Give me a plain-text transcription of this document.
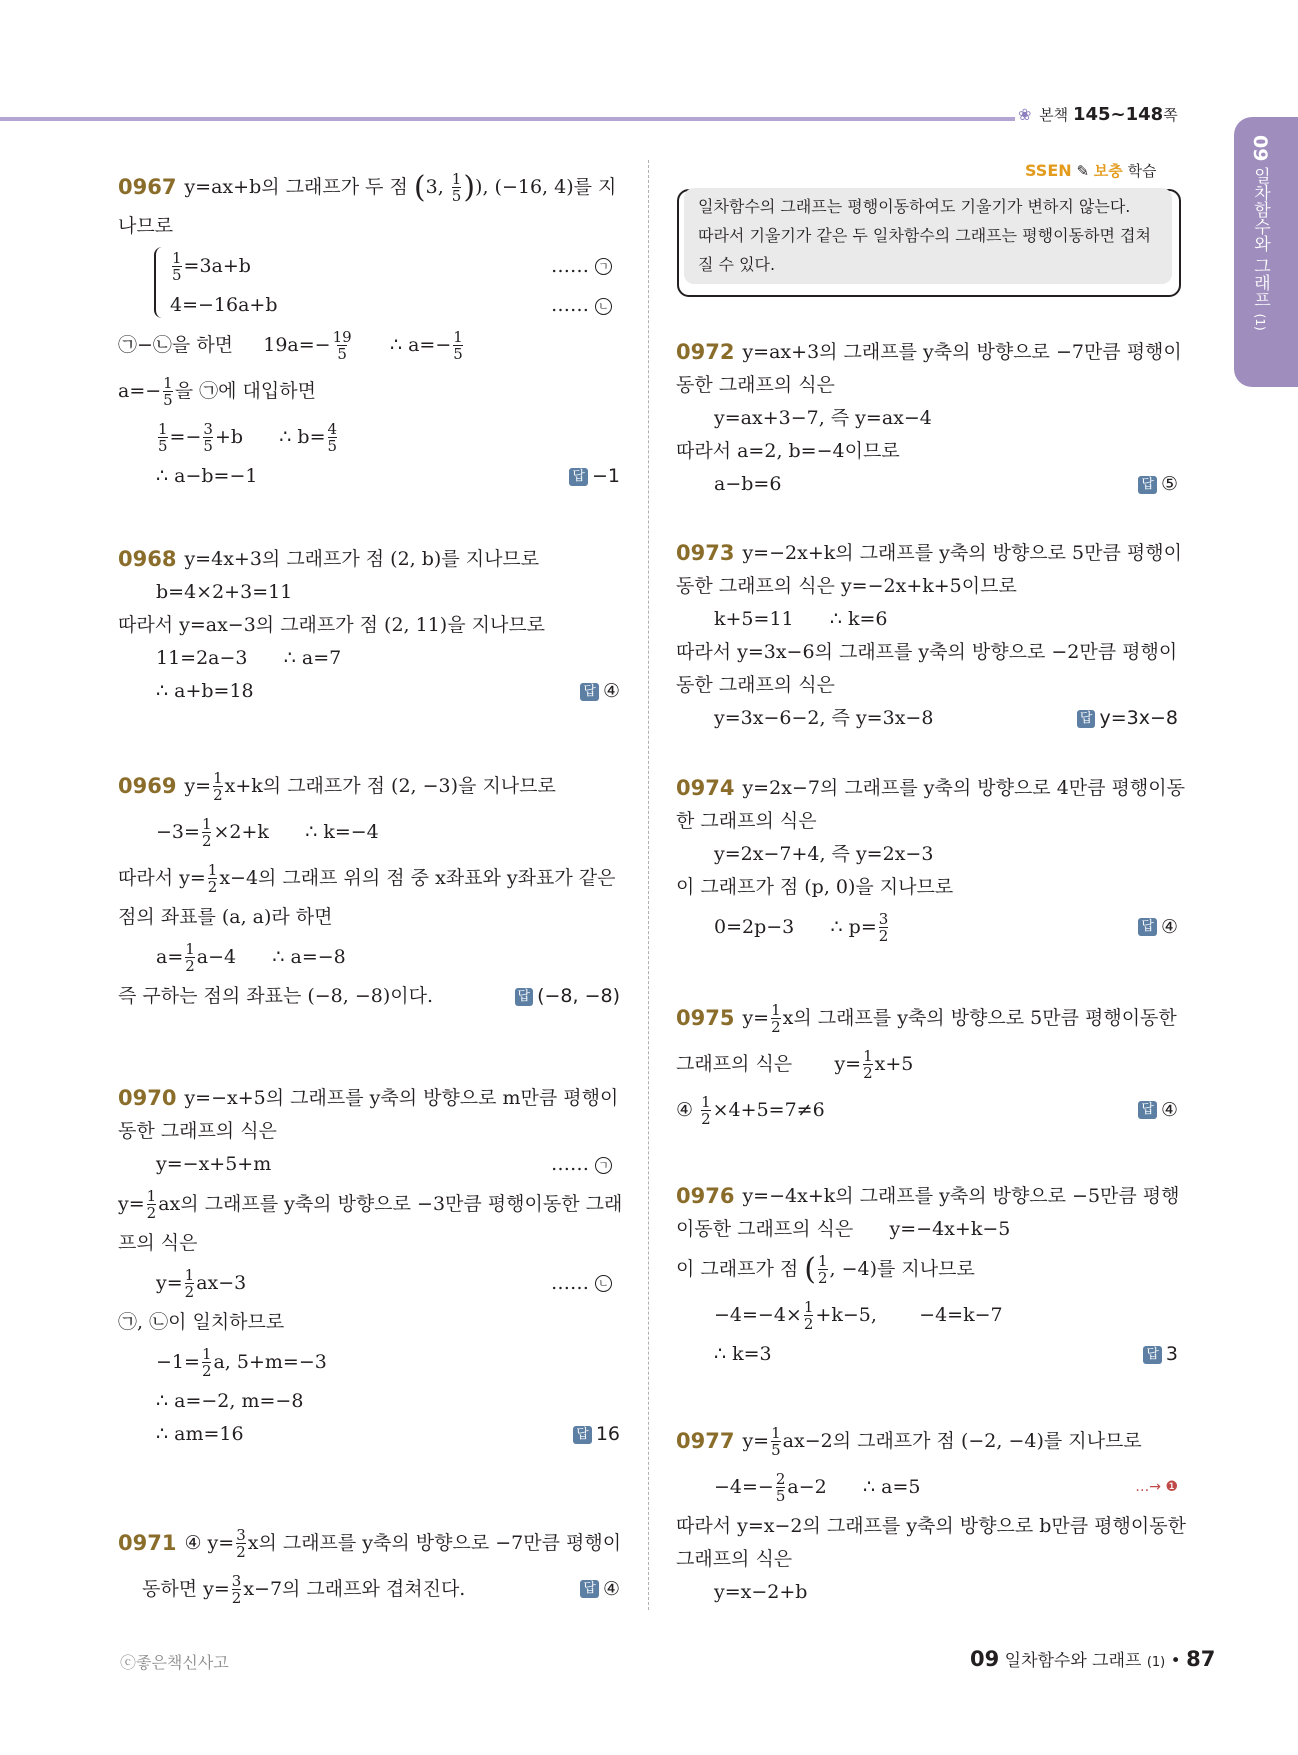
❀ 본책 145~148쪽
09 일차함수와 그래프 (1)
0967 y=ax+b의 그래프가 두 점
( 3, 1
5 ) ), (−16, 4)를 지
나므로
$\frac{1}{5} =3a+b$	…… ㄱ
4=−16a+b	…… ㄴ
㉠−㉡을 하면
$19a=- \frac{19}{5}$
∴ $a=- \frac{1}{5}$
$a=- \frac{1}{5}$ 을 ㉠에 대입하면
$\frac{1}{5} =- \frac{3}{5} +b$
∴ $b= \frac{4}{5}$
∴ a−b=−1	답 −1
0968 y=4x+3의 그래프가 점 (2, b)를 지나므로
b=4×2+3=11
따라서 y=ax−3의 그래프가 점 (2, 11)을 지나므로
11=2a−3
∴ a=7
∴ a+b=18	답 ④
0969 $y= \frac{1}{2} x+k$의 그래프가 점 (2, −3)을 지나므로
$-3= \frac{1}{2} \times 2+k$
∴ k=−4
따라서 $y= \frac{1}{2} x-4$의 그래프 위의 점 중 x좌표와 y좌표가 같은
점의 좌표를 (a, a)라 하면
$a= \frac{1}{2} a-4$
∴ a=−8
즉 구하는 점의 좌표는 (−8, −8)이다.	답 (−8, −8)
0970 y=−x+5의 그래프를 y축의 방향으로 m만큼 평행이
동한 그래프의 식은
y=−x+5+m	…… ㄱ
$y= \frac{1}{2}$ ax의 그래프를 y축의 방향으로 −3만큼 평행이동한 그래
프의 식은
$y= \frac{1}{2} ax-3$	…… ㄴ
㉠, ㉡이 일치하므로
$-1= \frac{1}{2} a$, 5+m=−3
∴ a=−2, m=−8
∴ am=16	답 16
0971 ④ $y= \frac{3}{2}$ x의 그래프를 y축의 방향으로 −7만큼 평행이
동하면 $y= \frac{3}{2} x-7$의 그래프와 겹쳐진다.	답 ④
SSEN ✎ 보충 학습
일차함수의 그래프는 평행이동하여도 기울기가 변하지 않는다.
따라서 기울기가 같은 두 일차함수의 그래프는 평행이동하면 겹쳐
질 수 있다.
0972 y=ax+3의 그래프를 y축의 방향으로 −7만큼 평행이
동한 그래프의 식은
y=ax+3−7, 즉 y=ax−4
따라서 a=2, b=−4이므로
a−b=6	답 ⑤
0973 y=−2x+k의 그래프를 y축의 방향으로 5만큼 평행이
동한 그래프의 식은 y=−2x+k+5이므로
k+5=11
∴ k=6
따라서 y=3x−6의 그래프를 y축의 방향으로 −2만큼 평행이
동한 그래프의 식은
y=3x−6−2, 즉 y=3x−8	답 y=3x−8
0974 y=2x−7의 그래프를 y축의 방향으로 4만큼 평행이동
한 그래프의 식은
y=2x−7+4, 즉 y=2x−3
이 그래프가 점 (p, 0)을 지나므로
0=2p−3
∴ $p= \frac{3}{2}$	답 ④
0975 $y= \frac{1}{2}$ x의 그래프를 y축의 방향으로 5만큼 평행이동한
그래프의 식은
$y= \frac{1}{2} x+5$
④
$\frac{1}{2} \times 4+5=7\ne 6$	답 ④
0976 y=−4x+k의 그래프를 y축의 방향으로 −5만큼 평행
이동한 그래프의 식은
y=−4x+k−5
이 그래프가 점
( 1
2 , −4)를 지나므로
$-4=-4\times \frac{1}{2} +k-5$,
−4=k−7
∴ k=3	답 3
0977 $y= \frac{1}{5} ax-2$의 그래프가 점 (−2, −4)를 지나므로
$-4=- \frac{2}{5} a-2$
∴ a=5	…→ ❶
따라서 y=x−2의 그래프를 y축의 방향으로 b만큼 평행이동한
그래프의 식은
y=x−2+b
ⓒ좋은책신사고	09 일차함수와 그래프 (1) • 87
